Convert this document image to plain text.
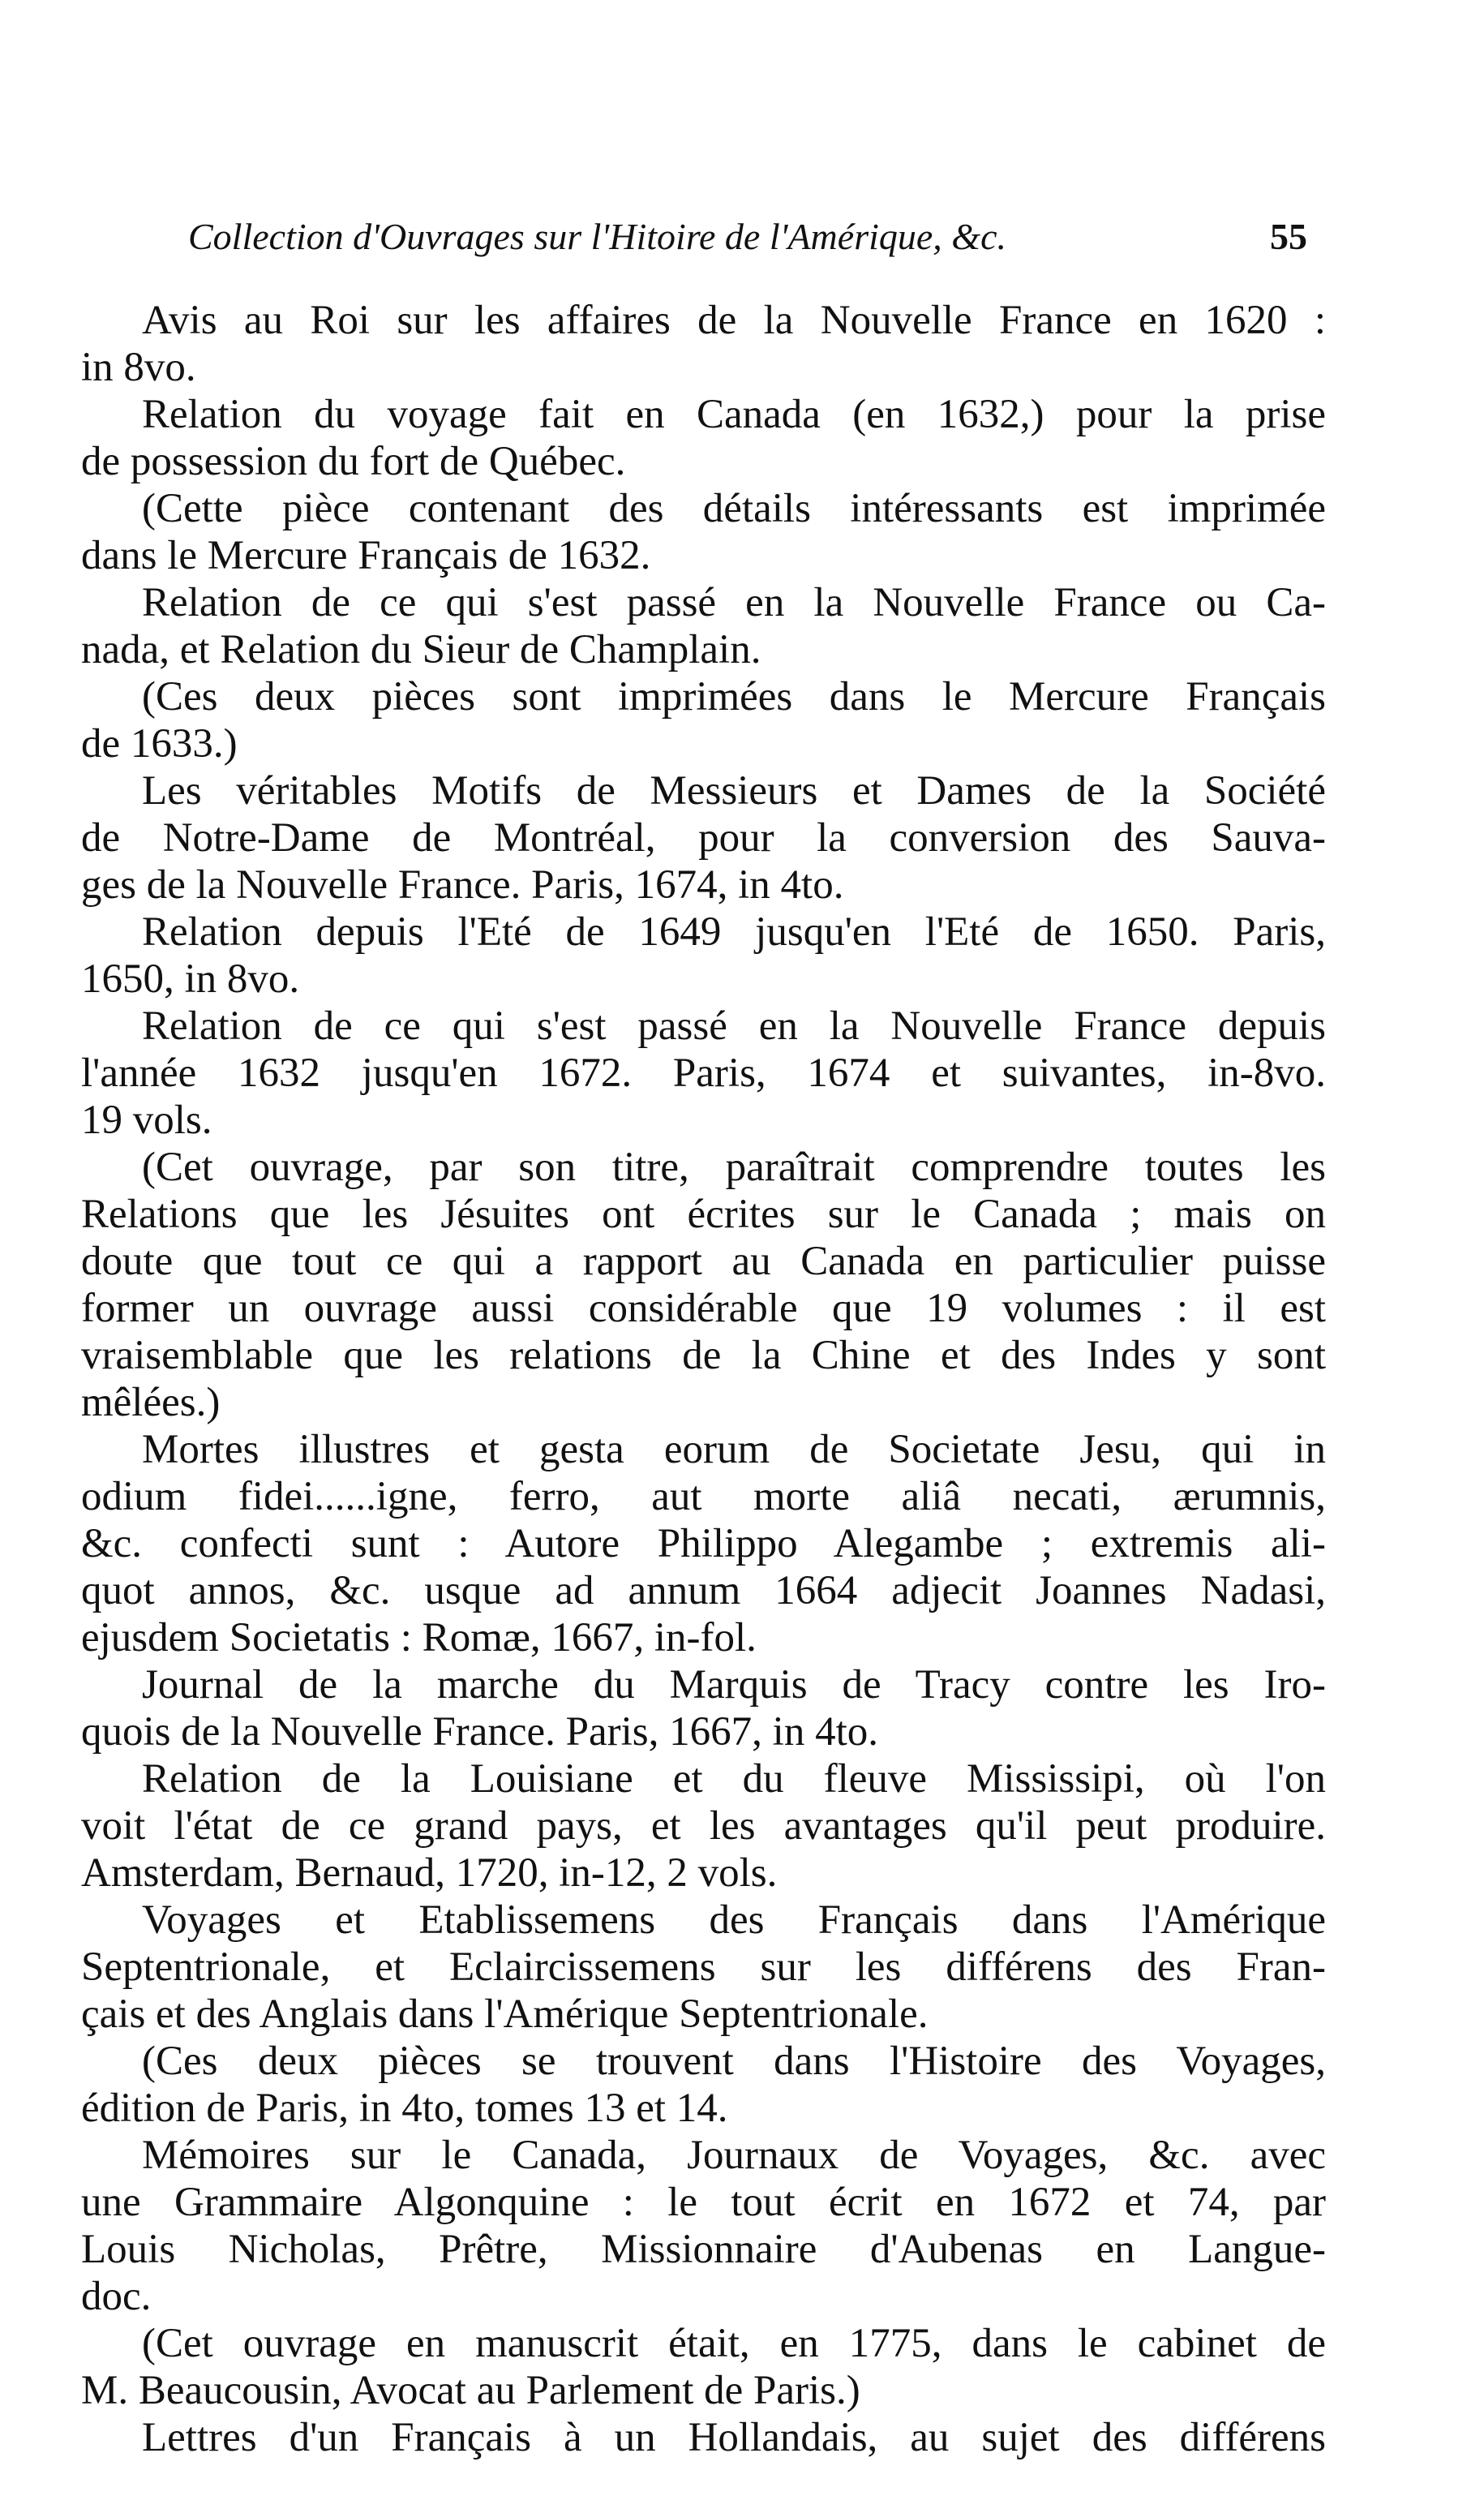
Collection d'Ouvrages sur l'Hitoire de l'Amérique, &c.	55
Avis au Roi sur les affaires de la Nouvelle France en 1620 :
in 8vo.
Relation du voyage fait en Canada (en 1632,) pour la prise
de possession du fort de Québec.
(Cette pièce contenant des détails intéressants est imprimée
dans le Mercure Français de 1632.
Relation de ce qui s'est passé en la Nouvelle France ou Ca-
nada, et Relation du Sieur de Champlain.
(Ces deux pièces sont imprimées dans le Mercure Français
de 1633.)
Les véritables Motifs de Messieurs et Dames de la Société
de Notre-Dame de Montréal, pour la conversion des Sauva-
ges de la Nouvelle France. Paris, 1674, in 4to.
Relation depuis l'Eté de 1649 jusqu'en l'Eté de 1650. Paris,
1650, in 8vo.
Relation de ce qui s'est passé en la Nouvelle France depuis
l'année 1632 jusqu'en 1672. Paris, 1674 et suivantes, in-8vo.
19 vols.
(Cet ouvrage, par son titre, paraîtrait comprendre toutes les
Relations que les Jésuites ont écrites sur le Canada ; mais on
doute que tout ce qui a rapport au Canada en particulier puisse
former un ouvrage aussi considérable que 19 volumes : il est
vraisemblable que les relations de la Chine et des Indes y sont
mêlées.)
Mortes illustres et gesta eorum de Societate Jesu, qui in
odium fidei......igne, ferro, aut morte aliâ necati, ærumnis,
&c. confecti sunt : Autore Philippo Alegambe ; extremis ali-
quot annos, &c. usque ad annum 1664 adjecit Joannes Nadasi,
ejusdem Societatis : Romæ, 1667, in-fol.
Journal de la marche du Marquis de Tracy contre les Iro-
quois de la Nouvelle France. Paris, 1667, in 4to.
Relation de la Louisiane et du fleuve Mississipi, où l'on
voit l'état de ce grand pays, et les avantages qu'il peut produire.
Amsterdam, Bernaud, 1720, in-12, 2 vols.
Voyages et Etablissemens des Français dans l'Amérique
Septentrionale, et Eclaircissemens sur les différens des Fran-
çais et des Anglais dans l'Amérique Septentrionale.
(Ces deux pièces se trouvent dans l'Histoire des Voyages,
édition de Paris, in 4to, tomes 13 et 14.
Mémoires sur le Canada, Journaux de Voyages, &c. avec
une Grammaire Algonquine : le tout écrit en 1672 et 74, par
Louis Nicholas, Prêtre, Missionnaire d'Aubenas en Langue-
doc.
(Cet ouvrage en manuscrit était, en 1775, dans le cabinet de
M. Beaucousin, Avocat au Parlement de Paris.)
Lettres d'un Français à un Hollandais, au sujet des différens
